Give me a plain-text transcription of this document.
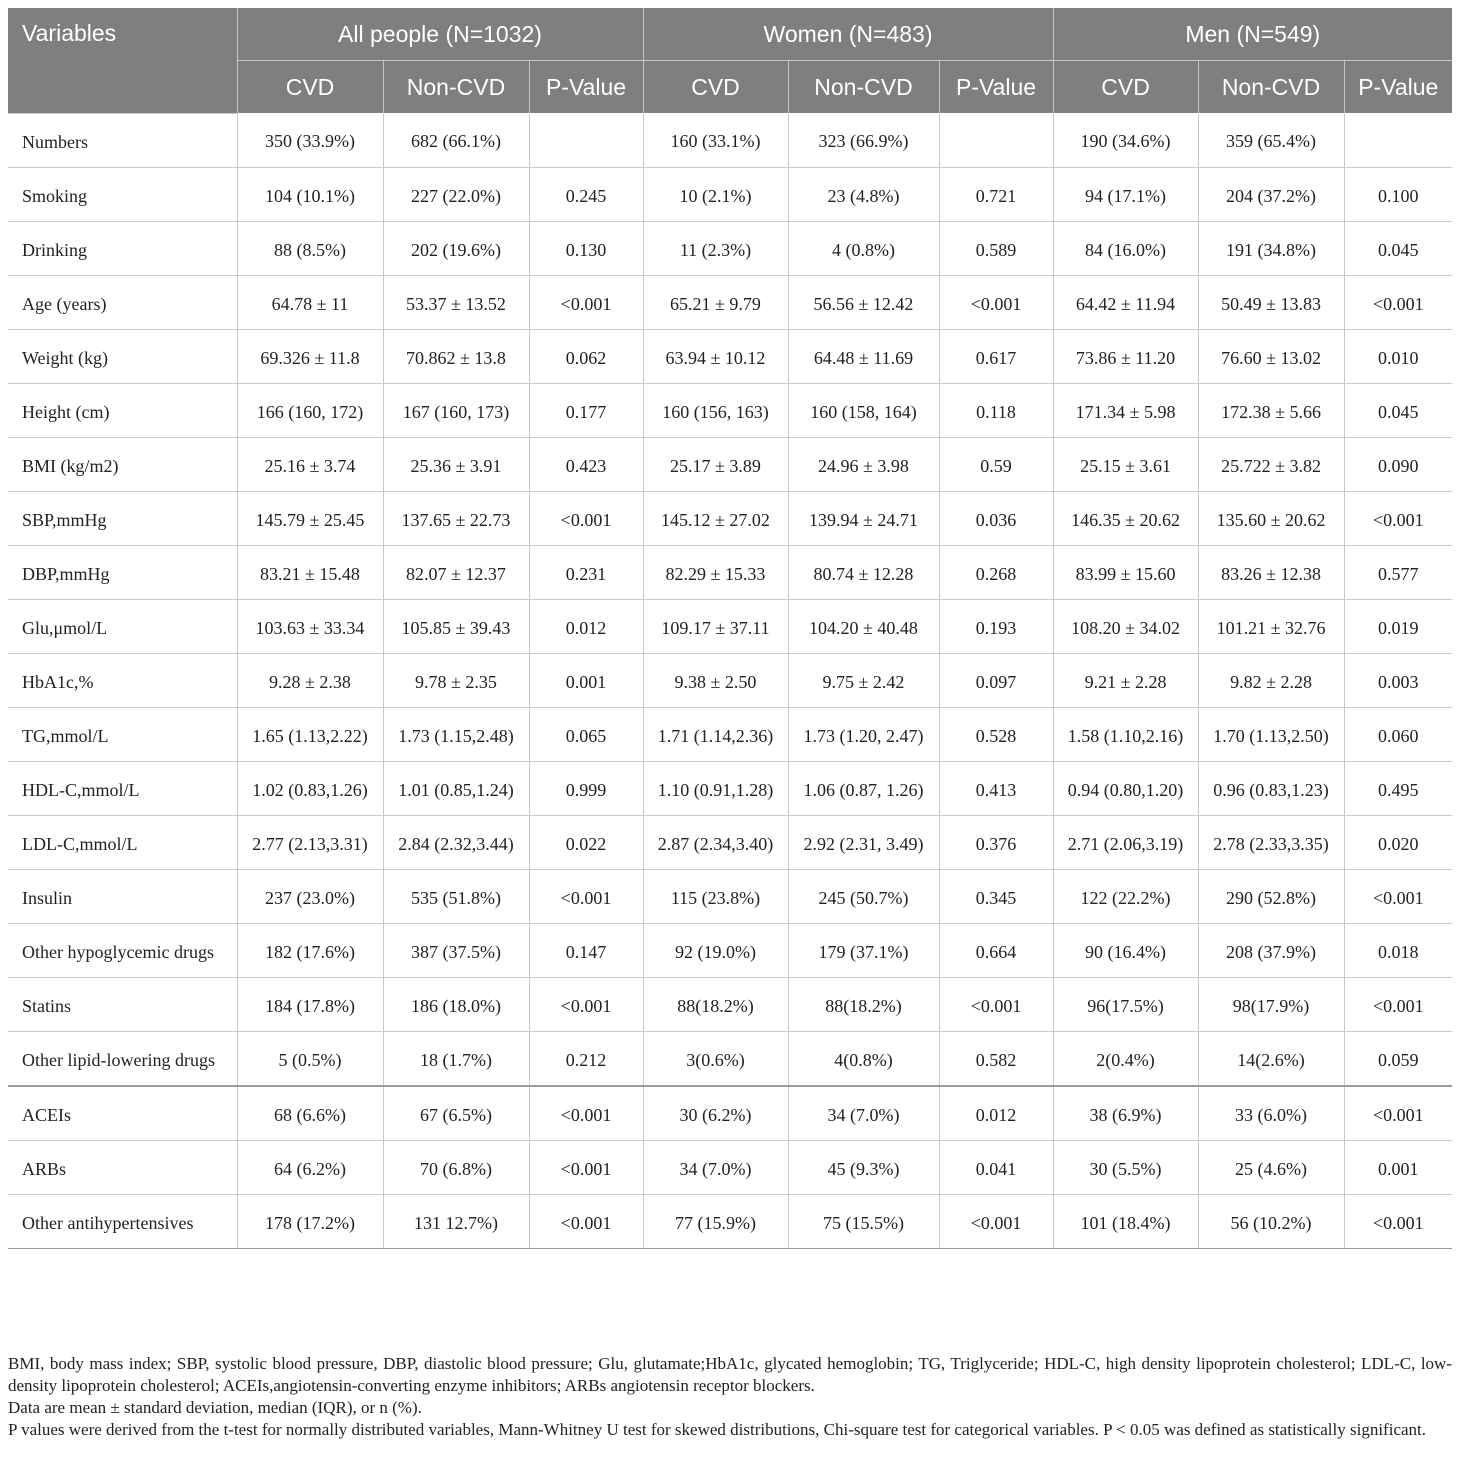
Variables	All people (N=1032)			Women (N=483)			Men (N=549)		
	CVD	Non-CVD	P-Value	CVD	Non-CVD	P-Value	CVD	Non-CVD	P-Value
Numbers	350 (33.9%)	682 (66.1%)		160 (33.1%)	323 (66.9%)		190 (34.6%)	359 (65.4%)	
Smoking	104 (10.1%)	227 (22.0%)	0.245	10 (2.1%)	23 (4.8%)	0.721	94 (17.1%)	204 (37.2%)	0.100
Drinking	88 (8.5%)	202 (19.6%)	0.130	11 (2.3%)	4 (0.8%)	0.589	84 (16.0%)	191 (34.8%)	0.045
Age (years)	64.78 ± 11	53.37 ± 13.52	<0.001	65.21 ± 9.79	56.56 ± 12.42	<0.001	64.42 ± 11.94	50.49 ± 13.83	<0.001
Weight (kg)	69.326 ± 11.8	70.862 ± 13.8	0.062	63.94 ± 10.12	64.48 ± 11.69	0.617	73.86 ± 11.20	76.60 ± 13.02	0.010
Height (cm)	166 (160, 172)	167 (160, 173)	0.177	160 (156, 163)	160 (158, 164)	0.118	171.34 ± 5.98	172.38 ± 5.66	0.045
BMI (kg/m2)	25.16 ± 3.74	25.36 ± 3.91	0.423	25.17 ± 3.89	24.96 ± 3.98	0.59	25.15 ± 3.61	25.722 ± 3.82	0.090
SBP,mmHg	145.79 ± 25.45	137.65 ± 22.73	<0.001	145.12 ± 27.02	139.94 ± 24.71	0.036	146.35 ± 20.62	135.60 ± 20.62	<0.001
DBP,mmHg	83.21 ± 15.48	82.07 ± 12.37	0.231	82.29 ± 15.33	80.74 ± 12.28	0.268	83.99 ± 15.60	83.26 ± 12.38	0.577
Glu,μmol/L	103.63 ± 33.34	105.85 ± 39.43	0.012	109.17 ± 37.11	104.20 ± 40.48	0.193	108.20 ± 34.02	101.21 ± 32.76	0.019
HbA1c,%	9.28 ± 2.38	9.78 ± 2.35	0.001	9.38 ± 2.50	9.75 ± 2.42	0.097	9.21 ± 2.28	9.82 ± 2.28	0.003
TG,mmol/L	1.65 (1.13,2.22)	1.73 (1.15,2.48)	0.065	1.71 (1.14,2.36)	1.73 (1.20, 2.47)	0.528	1.58 (1.10,2.16)	1.70 (1.13,2.50)	0.060
HDL-C,mmol/L	1.02 (0.83,1.26)	1.01 (0.85,1.24)	0.999	1.10 (0.91,1.28)	1.06 (0.87, 1.26)	0.413	0.94 (0.80,1.20)	0.96 (0.83,1.23)	0.495
LDL-C,mmol/L	2.77 (2.13,3.31)	2.84 (2.32,3.44)	0.022	2.87 (2.34,3.40)	2.92 (2.31, 3.49)	0.376	2.71 (2.06,3.19)	2.78 (2.33,3.35)	0.020
Insulin	237 (23.0%)	535 (51.8%)	<0.001	115 (23.8%)	245 (50.7%)	0.345	122 (22.2%)	290 (52.8%)	<0.001
Other hypoglycemic drugs	182 (17.6%)	387 (37.5%)	0.147	92 (19.0%)	179 (37.1%)	0.664	90 (16.4%)	208 (37.9%)	0.018
Statins	184 (17.8%)	186 (18.0%)	<0.001	88(18.2%)	88(18.2%)	<0.001	96(17.5%)	98(17.9%)	<0.001
Other lipid-lowering drugs	5 (0.5%)	18 (1.7%)	0.212	3(0.6%)	4(0.8%)	0.582	2(0.4%)	14(2.6%)	0.059
ACEIs	68 (6.6%)	67 (6.5%)	<0.001	30 (6.2%)	34 (7.0%)	0.012	38 (6.9%)	33 (6.0%)	<0.001
ARBs	64 (6.2%)	70 (6.8%)	<0.001	34 (7.0%)	45 (9.3%)	0.041	30 (5.5%)	25 (4.6%)	0.001
Other antihypertensives	178 (17.2%)	131 12.7%)	<0.001	77 (15.9%)	75 (15.5%)	<0.001	101 (18.4%)	56 (10.2%)	<0.001

BMI, body mass index; SBP, systolic blood pressure, DBP, diastolic blood pressure; Glu, glutamate;HbA1c, glycated hemoglobin; TG, Triglyceride; HDL-C, high density lipoprotein cholesterol; LDL-C, low-density lipoprotein cholesterol; ACEIs,angiotensin-converting enzyme inhibitors; ARBs angiotensin receptor blockers.

Data are mean ± standard deviation, median (IQR), or n (%).

P values were derived from the t-test for normally distributed variables, Mann-Whitney U test for skewed distributions, Chi-square test for categorical variables. P < 0.05 was defined as statistically significant.
